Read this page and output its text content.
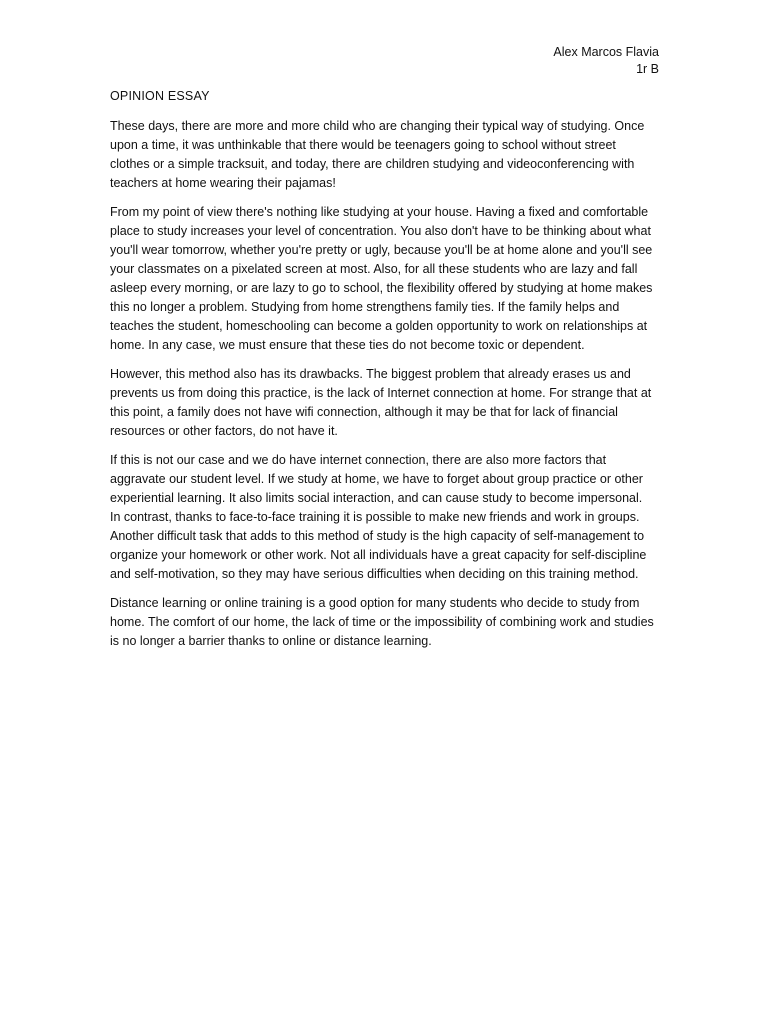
Alex Marcos Flavia
1r B
OPINION ESSAY

These days, there are more and more child who are changing their typical way of studying. Once upon a time, it was unthinkable that there would be teenagers going to school without street clothes or a simple tracksuit, and today, there are children studying and videoconferencing with teachers at home wearing their pajamas!

From my point of view there's nothing like studying at your house. Having a fixed and comfortable place to study increases your level of concentration. You also don't have to be thinking about what you'll wear tomorrow, whether you're pretty or ugly, because you'll be at home alone and you'll see your classmates on a pixelated screen at most. Also, for all these students who are lazy and fall asleep every morning, or are lazy to go to school, the flexibility offered by studying at home makes this no longer a problem. Studying from home strengthens family ties. If the family helps and teaches the student, homeschooling can become a golden opportunity to work on relationships at home. In any case, we must ensure that these ties do not become toxic or dependent.

However, this method also has its drawbacks. The biggest problem that already erases us and prevents us from doing this practice, is the lack of Internet connection at home. For strange that at this point, a family does not have wifi connection, although it may be that for lack of financial resources or other factors, do not have it.

If this is not our case and we do have internet connection, there are also more factors that aggravate our student level. If we study at home, we have to forget about group practice or other experiential learning. It also limits social interaction, and can cause study to become impersonal. In contrast, thanks to face-to-face training it is possible to make new friends and work in groups. Another difficult task that adds to this method of study is the high capacity of self-management to organize your homework or other work. Not all individuals have a great capacity for self-discipline and self-motivation, so they may have serious difficulties when deciding on this training method.

Distance learning or online training is a good option for many students who decide to study from home. The comfort of our home, the lack of time or the impossibility of combining work and studies is no longer a barrier thanks to online or distance learning.
